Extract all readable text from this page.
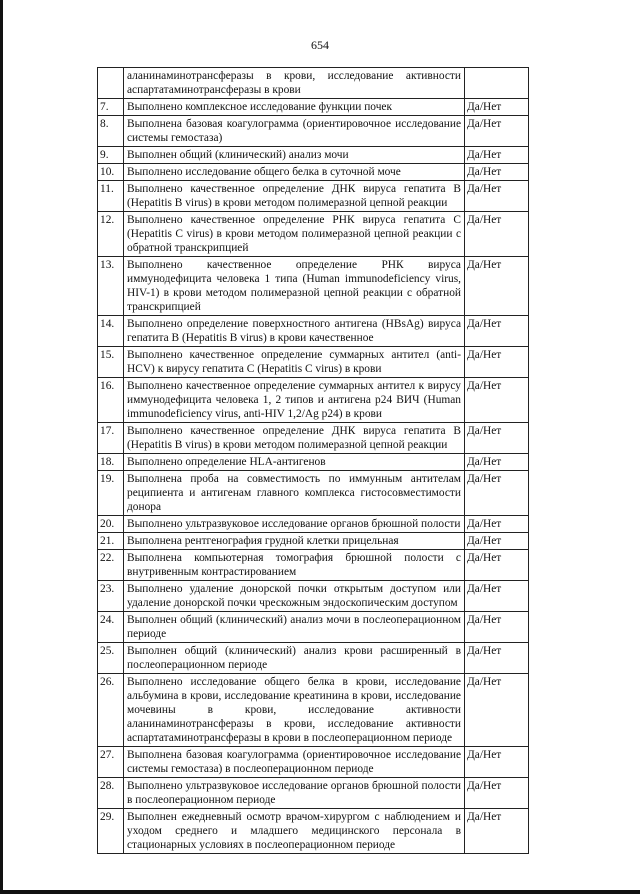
654
	аланинаминотрансферазы в крови, исследование активности аспартатаминотрансферазы в крови	
7.	Выполнено комплексное исследование функции почек	Да/Нет
8.	Выполнена базовая коагулограмма (ориентировочное исследование системы гемостаза)	Да/Нет
9.	Выполнен общий (клинический) анализ мочи	Да/Нет
10.	Выполнено исследование общего белка в суточной моче	Да/Нет
11.	Выполнено качественное определение ДНК вируса гепатита В (Hepatitis B virus) в крови методом полимеразной цепной реакции	Да/Нет
12.	Выполнено качественное определение РНК вируса гепатита С (Hepatitis C virus) в крови методом полимеразной цепной реакции с обратной транскрипцией	Да/Нет
13.	Выполнено качественное определение РНК вируса иммунодефицита человека 1 типа (Human immunodeficiency virus, HIV-1) в крови методом полимеразной цепной реакции с обратной транскрипцией	Да/Нет
14.	Выполнено определение поверхностного антигена (HBsAg) вируса гепатита В (Hepatitis B virus) в крови качественное	Да/Нет
15.	Выполнено качественное определение суммарных антител (anti-HCV) к вирусу гепатита С (Hepatitis C virus) в крови	Да/Нет
16.	Выполнено качественное определение суммарных антител к вирусу иммунодефицита человека 1, 2 типов и антигена р24 ВИЧ (Human immunodeficiency virus, anti-HIV 1,2/Ag р24) в крови	Да/Нет
17.	Выполнено качественное определение ДНК вируса гепатита В (Hepatitis B virus) в крови методом полимеразной цепной реакции	Да/Нет
18.	Выполнено определение HLA-антигенов	Да/Нет
19.	Выполнена проба на совместимость по иммунным антителам реципиента и антигенам главного комплекса гистосовместимости донора	Да/Нет
20.	Выполнено ультразвуковое исследование органов брюшной полости	Да/Нет
21.	Выполнена рентгенография грудной клетки прицельная	Да/Нет
22.	Выполнена компьютерная томография брюшной полости с внутривенным контрастированием	Да/Нет
23.	Выполнено удаление донорской почки открытым доступом или удаление донорской почки чрескожным эндоскопическим доступом	Да/Нет
24.	Выполнен общий (клинический) анализ мочи в послеоперационном периоде	Да/Нет
25.	Выполнен общий (клинический) анализ крови расширенный в послеоперационном периоде	Да/Нет
26.	Выполнено исследование общего белка в крови, исследование альбумина в крови, исследование креатинина в крови, исследование мочевины в крови, исследование активности аланинаминотрансферазы в крови, исследование активности аспартатаминотрансферазы в крови в послеоперационном периоде	Да/Нет
27.	Выполнена базовая коагулограмма (ориентировочное исследование системы гемостаза) в послеоперационном периоде	Да/Нет
28.	Выполнено ультразвуковое исследование органов брюшной полости в послеоперационном периоде	Да/Нет
29.	Выполнен ежедневный осмотр врачом-хирургом с наблюдением и уходом среднего и младшего медицинского персонала в стационарных условиях в послеоперационном периоде	Да/Нет
